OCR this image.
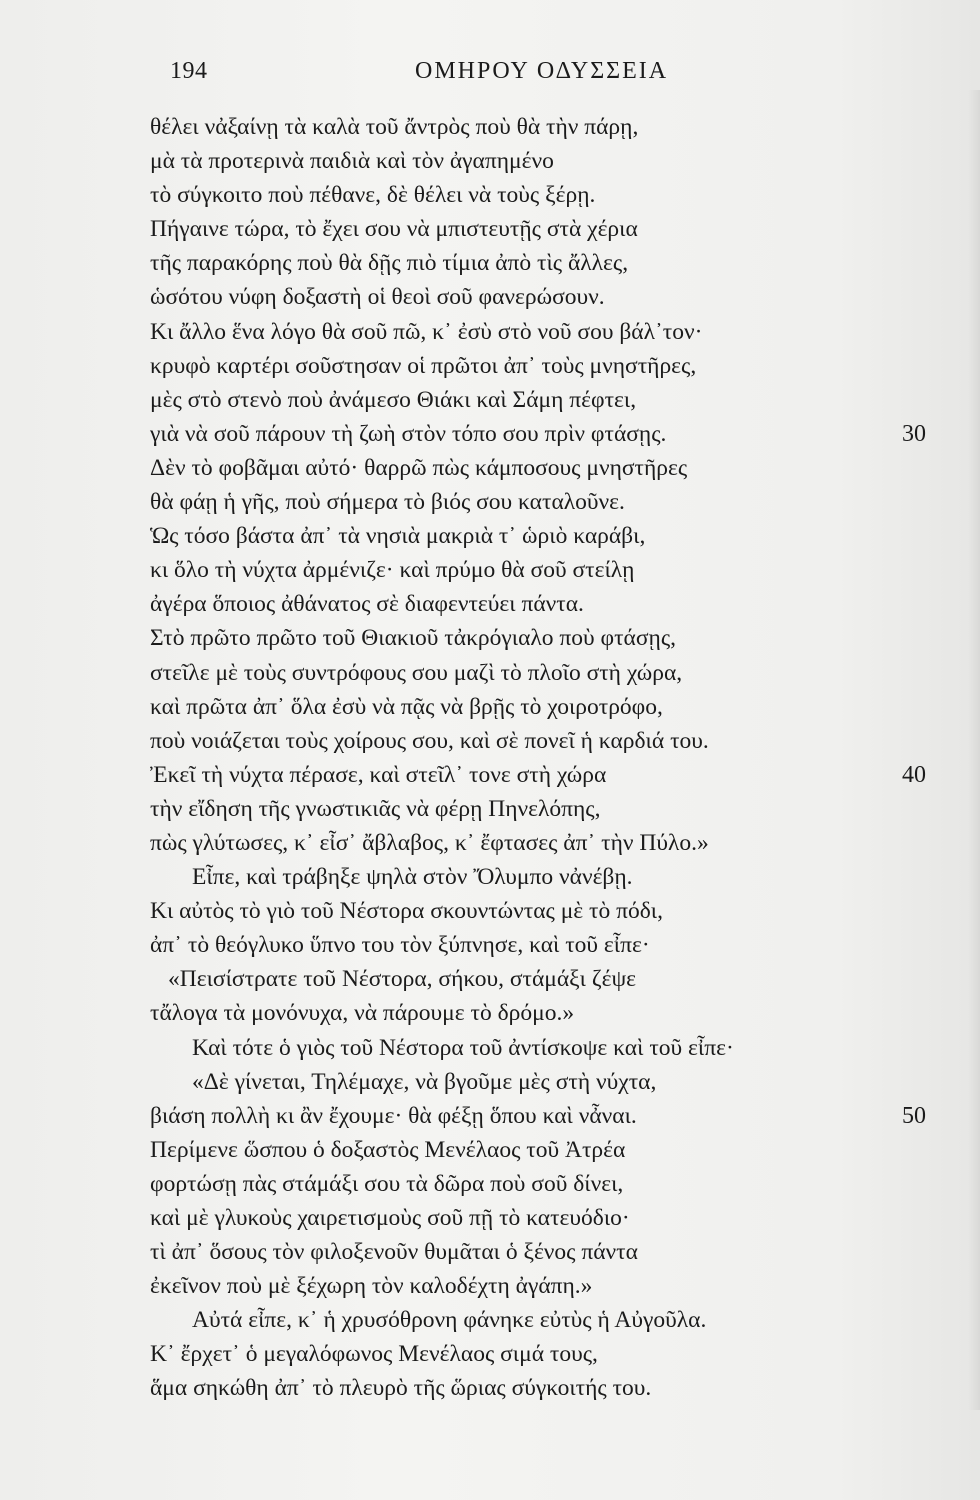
194	ΟΜΗΡΟΥ ΟΔΥΣΣΕΙΑ
θέλει νἀξαίνῃ τὰ καλὰ τοῦ ἄντρὸς ποὺ θὰ τὴν πάρῃ,
μὰ τὰ προτερινὰ παιδιὰ καὶ τὸν ἀγαπημένο
τὸ σύγκοιτο ποὺ πέθανε, δὲ θέλει νὰ τοὺς ξέρῃ.
Πήγαινε τώρα, τὸ ἔχει σου νὰ μπιστευτῇς στὰ χέρια
τῆς παρακόρης ποὺ θὰ δῇς πιὸ τίμια ἀπὸ τὶς ἄλλες,
ὡσότου νύφη δοξαστὴ οἱ θεοὶ σοῦ φανερώσουν.
Κι ἄλλο ἕνα λόγο θὰ σοῦ πῶ, κ᾽ ἐσὺ στὸ νοῦ σου βάλ᾽τον·
κρυφὸ καρτέρι σοῦστησαν οἱ πρῶτοι ἀπ᾽ τοὺς μνηστῆρες,
μὲς στὸ στενὸ ποὺ ἀνάμεσο Θιάκι καὶ Σάμη πέφτει,
γιὰ νὰ σοῦ πάρουν τὴ ζωὴ στὸν τόπο σου πρὶν φτάσῃς.	30
Δὲν τὸ φοβᾶμαι αὐτό· θαρρῶ πὼς κάμποσους μνηστῆρες
θὰ φάῃ ἡ γῆς, ποὺ σήμερα τὸ βιός σου καταλοῦνε.
Ὡς τόσο βάστα ἀπ᾽ τὰ νησιὰ μακριὰ τ᾽ ὡριὸ καράβι,
κι ὅλο τὴ νύχτα ἀρμένιζε· καὶ πρύμο θὰ σοῦ στείλῃ
ἀγέρα ὅποιος ἀθάνατος σὲ διαφεντεύει πάντα.
Στὸ πρῶτο πρῶτο τοῦ Θιακιοῦ τἀκρόγιαλο ποὺ φτάσῃς,
στεῖλε μὲ τοὺς συντρόφους σου μαζὶ τὸ πλοῖο στὴ χώρα,
καὶ πρῶτα ἀπ᾽ ὅλα ἐσὺ νὰ πᾷς νὰ βρῇς τὸ χοιροτρόφο,
ποὺ νοιάζεται τοὺς χοίρους σου, καὶ σὲ πονεῖ ἡ καρδιά του.
Ἐκεῖ τὴ νύχτα πέρασε, καὶ στεῖλ᾽ τονε στὴ χώρα	40
τὴν εἴδηση τῆς γνωστικιᾶς νὰ φέρῃ Πηνελόπης,
πὼς γλύτωσες, κ᾽ εἶσ᾽ ἄβλαβος, κ᾽ ἔφτασες ἀπ᾽ τὴν Πύλο.»
Εἶπε, καὶ τράβηξε ψηλὰ στὸν Ὄλυμπο νἀνέβῃ.
Κι αὐτὸς τὸ γιὸ τοῦ Νέστορα σκουντώντας μὲ τὸ πόδι,
ἀπ᾽ τὸ θεόγλυκο ὕπνο του τὸν ξύπνησε, καὶ τοῦ εἶπε·
«Πεισίστρατε τοῦ Νέστορα, σήκου, στάμάξι ζέψε
τἄλογα τὰ μονόνυχα, νὰ πάρουμε τὸ δρόμο.»
Καὶ τότε ὁ γιὸς τοῦ Νέστορα τοῦ ἀντίσκοψε καὶ τοῦ εἶπε·
«Δὲ γίνεται, Τηλέμαχε, νὰ βγοῦμε μὲς στὴ νύχτα,
βιάση πολλὴ κι ἂν ἔχουμε· θὰ φέξῃ ὅπου καὶ νἆναι.	50
Περίμενε ὥσπου ὁ δοξαστὸς Μενέλαος τοῦ Ἀτρέα
φορτώσῃ πὰς στάμάξι σου τὰ δῶρα ποὺ σοῦ δίνει,
καὶ μὲ γλυκοὺς χαιρετισμοὺς σοῦ πῇ τὸ κατευόδιο·
τὶ ἀπ᾽ ὅσους τὸν φιλοξενοῦν θυμᾶται ὁ ξένος πάντα
ἐκεῖνον ποὺ μὲ ξέχωρη τὸν καλοδέχτη ἀγάπη.»
Αὐτά εἶπε, κ᾽ ἡ χρυσόθρονη φάνηκε εὐτὺς ἡ Αὐγοῦλα.
Κ᾽ ἔρχετ᾽ ὁ μεγαλόφωνος Μενέλαος σιμά τους,
ἅμα σηκώθη ἀπ᾽ τὸ πλευρὸ τῆς ὥριας σύγκοιτής του.
